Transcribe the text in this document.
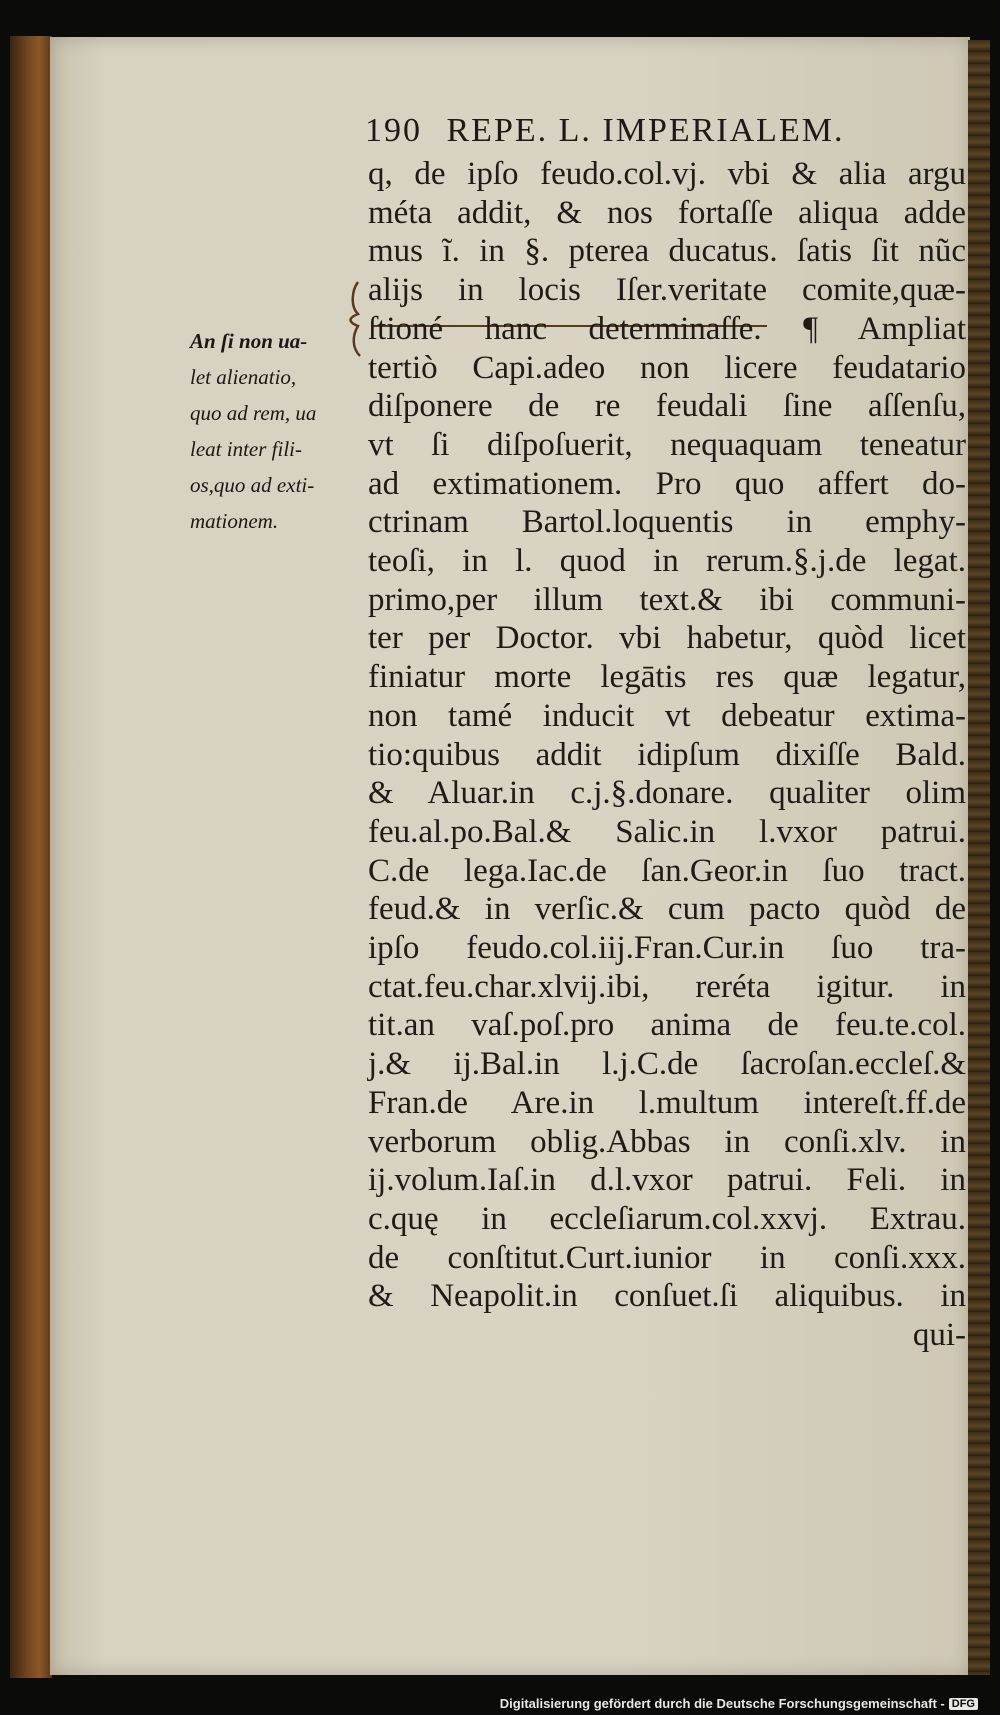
190 REPE. L. IMPERIALEM.
An ſi non ua-
let alienatio,
quo ad rem, ua
leat inter fili-
os,quo ad exti-
mationem.
q, de ipſo feudo.col.vj. vbi & alia argu
méta addit, & nos fortaſſe aliqua adde
mus ĩ. in §. pterea ducatus. ſatis ſit nũc
alijs in locis Iſer.veritate comite,quæ-
ſtioné hanc determinaſſe. ¶ Ampliat
tertiò Capi.adeo non licere feudatario
diſponere de re feudali ſine aſſenſu,
vt ſi diſpoſuerit, nequaquam teneatur
ad extimationem. Pro quo affert do-
ctrinam Bartol.loquentis in emphy-
teoſi, in l. quod in rerum.§.j.de legat.
primo,per illum text.& ibi communi-
ter per Doctor. vbi habetur, quòd licet
finiatur morte legātis res quæ legatur,
non tamé inducit vt debeatur extima-
tio:quibus addit idipſum dixiſſe Bald.
& Aluar.in c.j.§.donare. qualiter olim
feu.al.po.Bal.& Salic.in l.vxor patrui.
C.de lega.Iac.de ſan.Geor.in ſuo tract.
feud.& in verſic.& cum pacto quòd de
ipſo feudo.col.iij.Fran.Cur.in ſuo tra-
ctat.feu.char.xlvij.ibi, reréta igitur. in
tit.an vaſ.poſ.pro anima de feu.te.col.
j.& ij.Bal.in l.j.C.de ſacroſan.eccleſ.&
Fran.de Are.in l.multum intereſt.ff.de
verborum oblig.Abbas in conſi.xlv. in
ij.volum.Iaſ.in d.l.vxor patrui. Feli. in
c.quę in eccleſiarum.col.xxvj. Extrau.
de conſtitut.Curt.iunior in conſi.xxx.
& Neapolit.in conſuet.ſi aliquibus. in
qui-
Digitalisierung gefördert durch die Deutsche Forschungsgemeinschaft - DFG
